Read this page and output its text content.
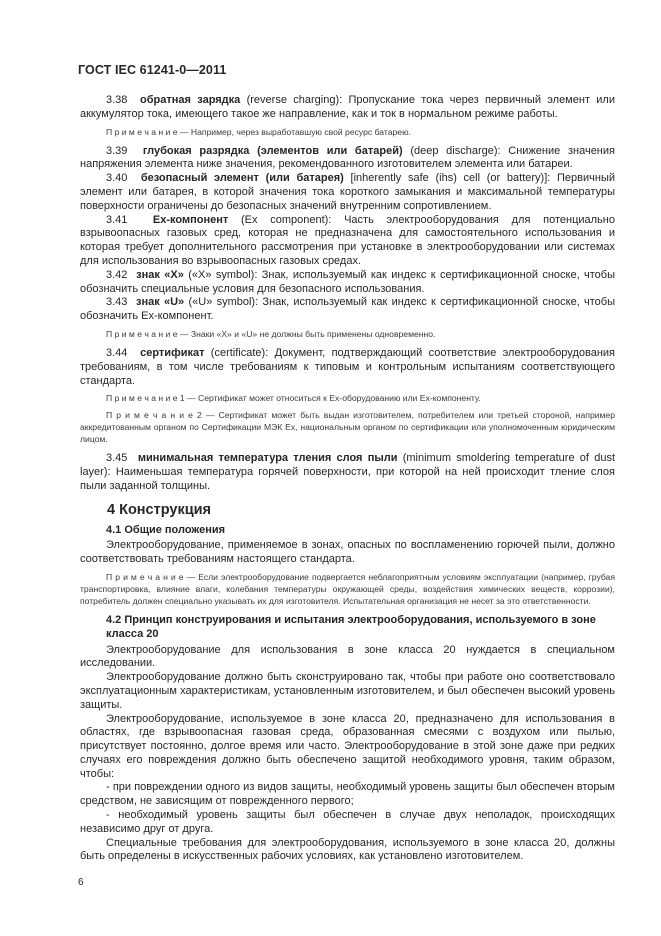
ГОСТ IEC 61241-0—2011

3.38 обратная зарядка (reverse charging): Пропускание тока через первичный элемент или аккумулятор тока, имеющего такое же направление, как и ток в нормальном режиме работы.

П р и м е ч а н и е — Например, через выработавшую свой ресурс батарею.

3.39 глубокая разрядка (элементов или батарей) (deep discharge): Снижение значения напряжения элемента ниже значения, рекомендованного изготовителем элемента или батареи.

3.40 безопасный элемент (или батарея) [inherently safe (ihs) cell (or battery)]: Первичный элемент или батарея, в которой значения тока короткого замыкания и максимальной температуры поверхности ограничены до безопасных значений внутренним сопротивлением.

3.41 Ex-компонент (Ex component): Часть электрооборудования для потенциально взрывоопасных газовых сред, которая не предназначена для самостоятельного использования и которая требует дополнительного рассмотрения при установке в электрооборудовании или системах для использования во взрывоопасных газовых средах.

3.42 знак «X» («X» symbol): Знак, используемый как индекс к сертификационной сноске, чтобы обозначить специальные условия для безопасного использования.

3.43 знак «U» («U» symbol): Знак, используемый как индекс к сертификационной сноске, чтобы обозначить Ex-компонент.

П р и м е ч а н и е — Знаки «X» и «U» не должны быть применены одновременно.

3.44 сертификат (certificate): Документ, подтверждающий соответствие электрооборудования требованиям, в том числе требованиям к типовым и контрольным испытаниям соответствующего стандарта.

П р и м е ч а н и е 1 — Сертификат может относиться к Ex-оборудованию или Ex-компоненту.

П р и м е ч а н и е 2 — Сертификат может быть выдан изготовителем, потребителем или третьей стороной, например аккредитованным органом по Сертификации МЭК Ex, национальным органом по сертификации или уполномоченным юридическим лицом.

3.45 минимальная температура тления слоя пыли (minimum smoldering temperature of dust layer): Наименьшая температура горячей поверхности, при которой на ней происходит тление слоя пыли заданной толщины.

4 Конструкция
4.1 Общие положения

Электрооборудование, применяемое в зонах, опасных по воспламенению горючей пыли, должно соответствовать требованиям настоящего стандарта.

П р и м е ч а н и е — Если электрооборудование подвергается неблагоприятным условиям эксплуатации (например, грубая транспортировка, влияние влаги, колебания температуры окружающей среды, воздействия химических веществ, коррозии), потребитель должен специально указывать их для изготовителя. Испытательная организация не несет за это ответственности.

4.2 Принцип конструирования и испытания электрооборудования, используемого в зоне класса 20

Электрооборудование для использования в зоне класса 20 нуждается в специальном исследовании.

Электрооборудование должно быть сконструировано так, чтобы при работе оно соответствовало эксплуатационным характеристикам, установленным изготовителем, и был обеспечен высокий уровень защиты.

Электрооборудование, используемое в зоне класса 20, предназначено для использования в областях, где взрывоопасная газовая среда, образованная смесями с воздухом или пылью, присутствует постоянно, долгое время или часто. Электрооборудование в этой зоне даже при редких случаях его повреждения должно быть обеспечено защитой необходимого уровня, таким образом, чтобы:

- при повреждении одного из видов защиты, необходимый уровень защиты был обеспечен вторым средством, не зависящим от поврежденного первого;

- необходимый уровень защиты был обеспечен в случае двух неполадок, происходящих независимо друг от друга.

Специальные требования для электрооборудования, используемого в зоне класса 20, должны быть определены в искусственных рабочих условиях, как установлено изготовителем.

6
